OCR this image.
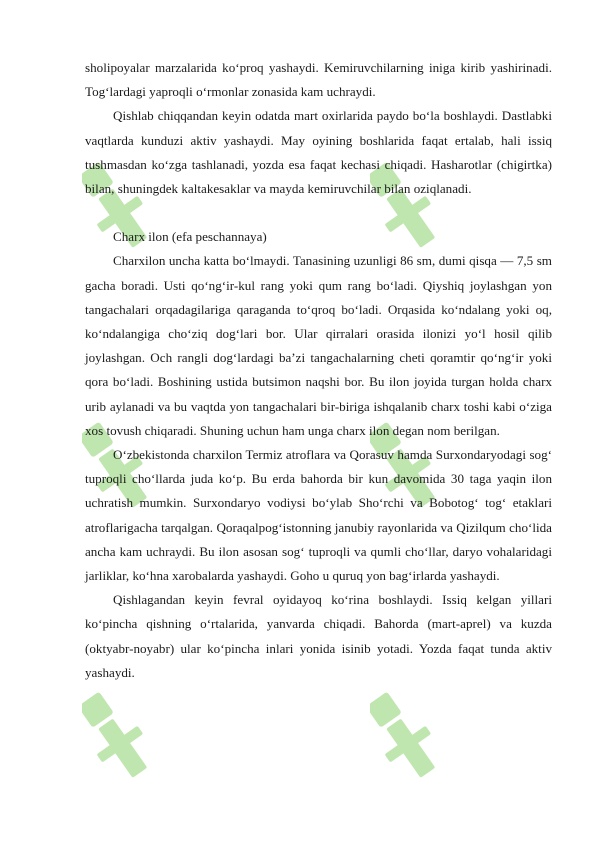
sholipoyalar marzalarida ko‘proq yashaydi. Kemiruvchilarning iniga kirib yashirinadi. Tog‘lardagi yaproqli o‘rmonlar zonasida kam uchraydi.

Qishlab chiqqandan keyin odatda mart oxirlarida paydo bo‘la boshlaydi. Dastlabki vaqtlarda kunduzi aktiv yashaydi. May oyining boshlarida faqat ertalab, hali issiq tushmasdan ko‘zga tashlanadi, yozda esa faqat kechasi chiqadi. Hasharotlar (chigirtka) bilan, shuningdek kaltakesaklar va mayda kemiruvchilar bilan oziqlanadi.

Charx ilon (efa peschannaya)

Charxilon uncha katta bo‘lmaydi. Tanasining uzunligi 86 sm, dumi qisqa — 7,5 sm gacha boradi. Usti qo‘ng‘ir-kul rang yoki qum rang bo‘ladi. Qiyshiq joylashgan yon tangachalari orqadagilariga qaraganda to‘qroq bo‘ladi. Orqasida ko‘ndalang yoki oq, ko‘ndalangiga cho‘ziq dog‘lari bor. Ular qirralari orasida ilonizi yo‘l hosil qilib joylashgan. Och rangli dog‘lardagi ba’zi tangachalarning cheti qoramtir qo‘ng‘ir yoki qora bo‘ladi. Boshining ustida butsimon naqshi bor. Bu ilon joyida turgan holda charx urib aylanadi va bu vaqtda yon tangachalari bir-biriga ishqalanib charx toshi kabi o‘ziga xos tovush chiqaradi. Shuning uchun ham unga charx ilon degan nom berilgan.

O‘zbekistonda charxilon Termiz atroflara va Qorasuv hamda Surxondaryodagi sog‘ tuproqli cho‘llarda juda ko‘p. Bu erda bahorda bir kun davomida 30 taga yaqin ilon uchratish mumkin. Surxondaryo vodiysi bo‘ylab Sho‘rchi va Bobotog‘ tog‘ etaklari atroflarigacha tarqalgan. Qoraqalpog‘istonning janubiy rayonlarida va Qizilqum cho‘lida ancha kam uchraydi. Bu ilon asosan sog‘ tuproqli va qumli cho‘llar, daryo vohalaridagi jarliklar, ko‘hna xarobalarda yashaydi. Goho u quruq yon bag‘irlarda yashaydi.

Qishlagandan keyin fevral oyidayoq ko‘rina boshlaydi. Issiq kelgan yillari ko‘pincha qishning o‘rtalarida, yanvarda chiqadi. Bahorda (mart-aprel) va kuzda (oktyabr-noyabr) ular ko‘pincha inlari yonida isinib yotadi. Yozda faqat tunda aktiv yashaydi.
